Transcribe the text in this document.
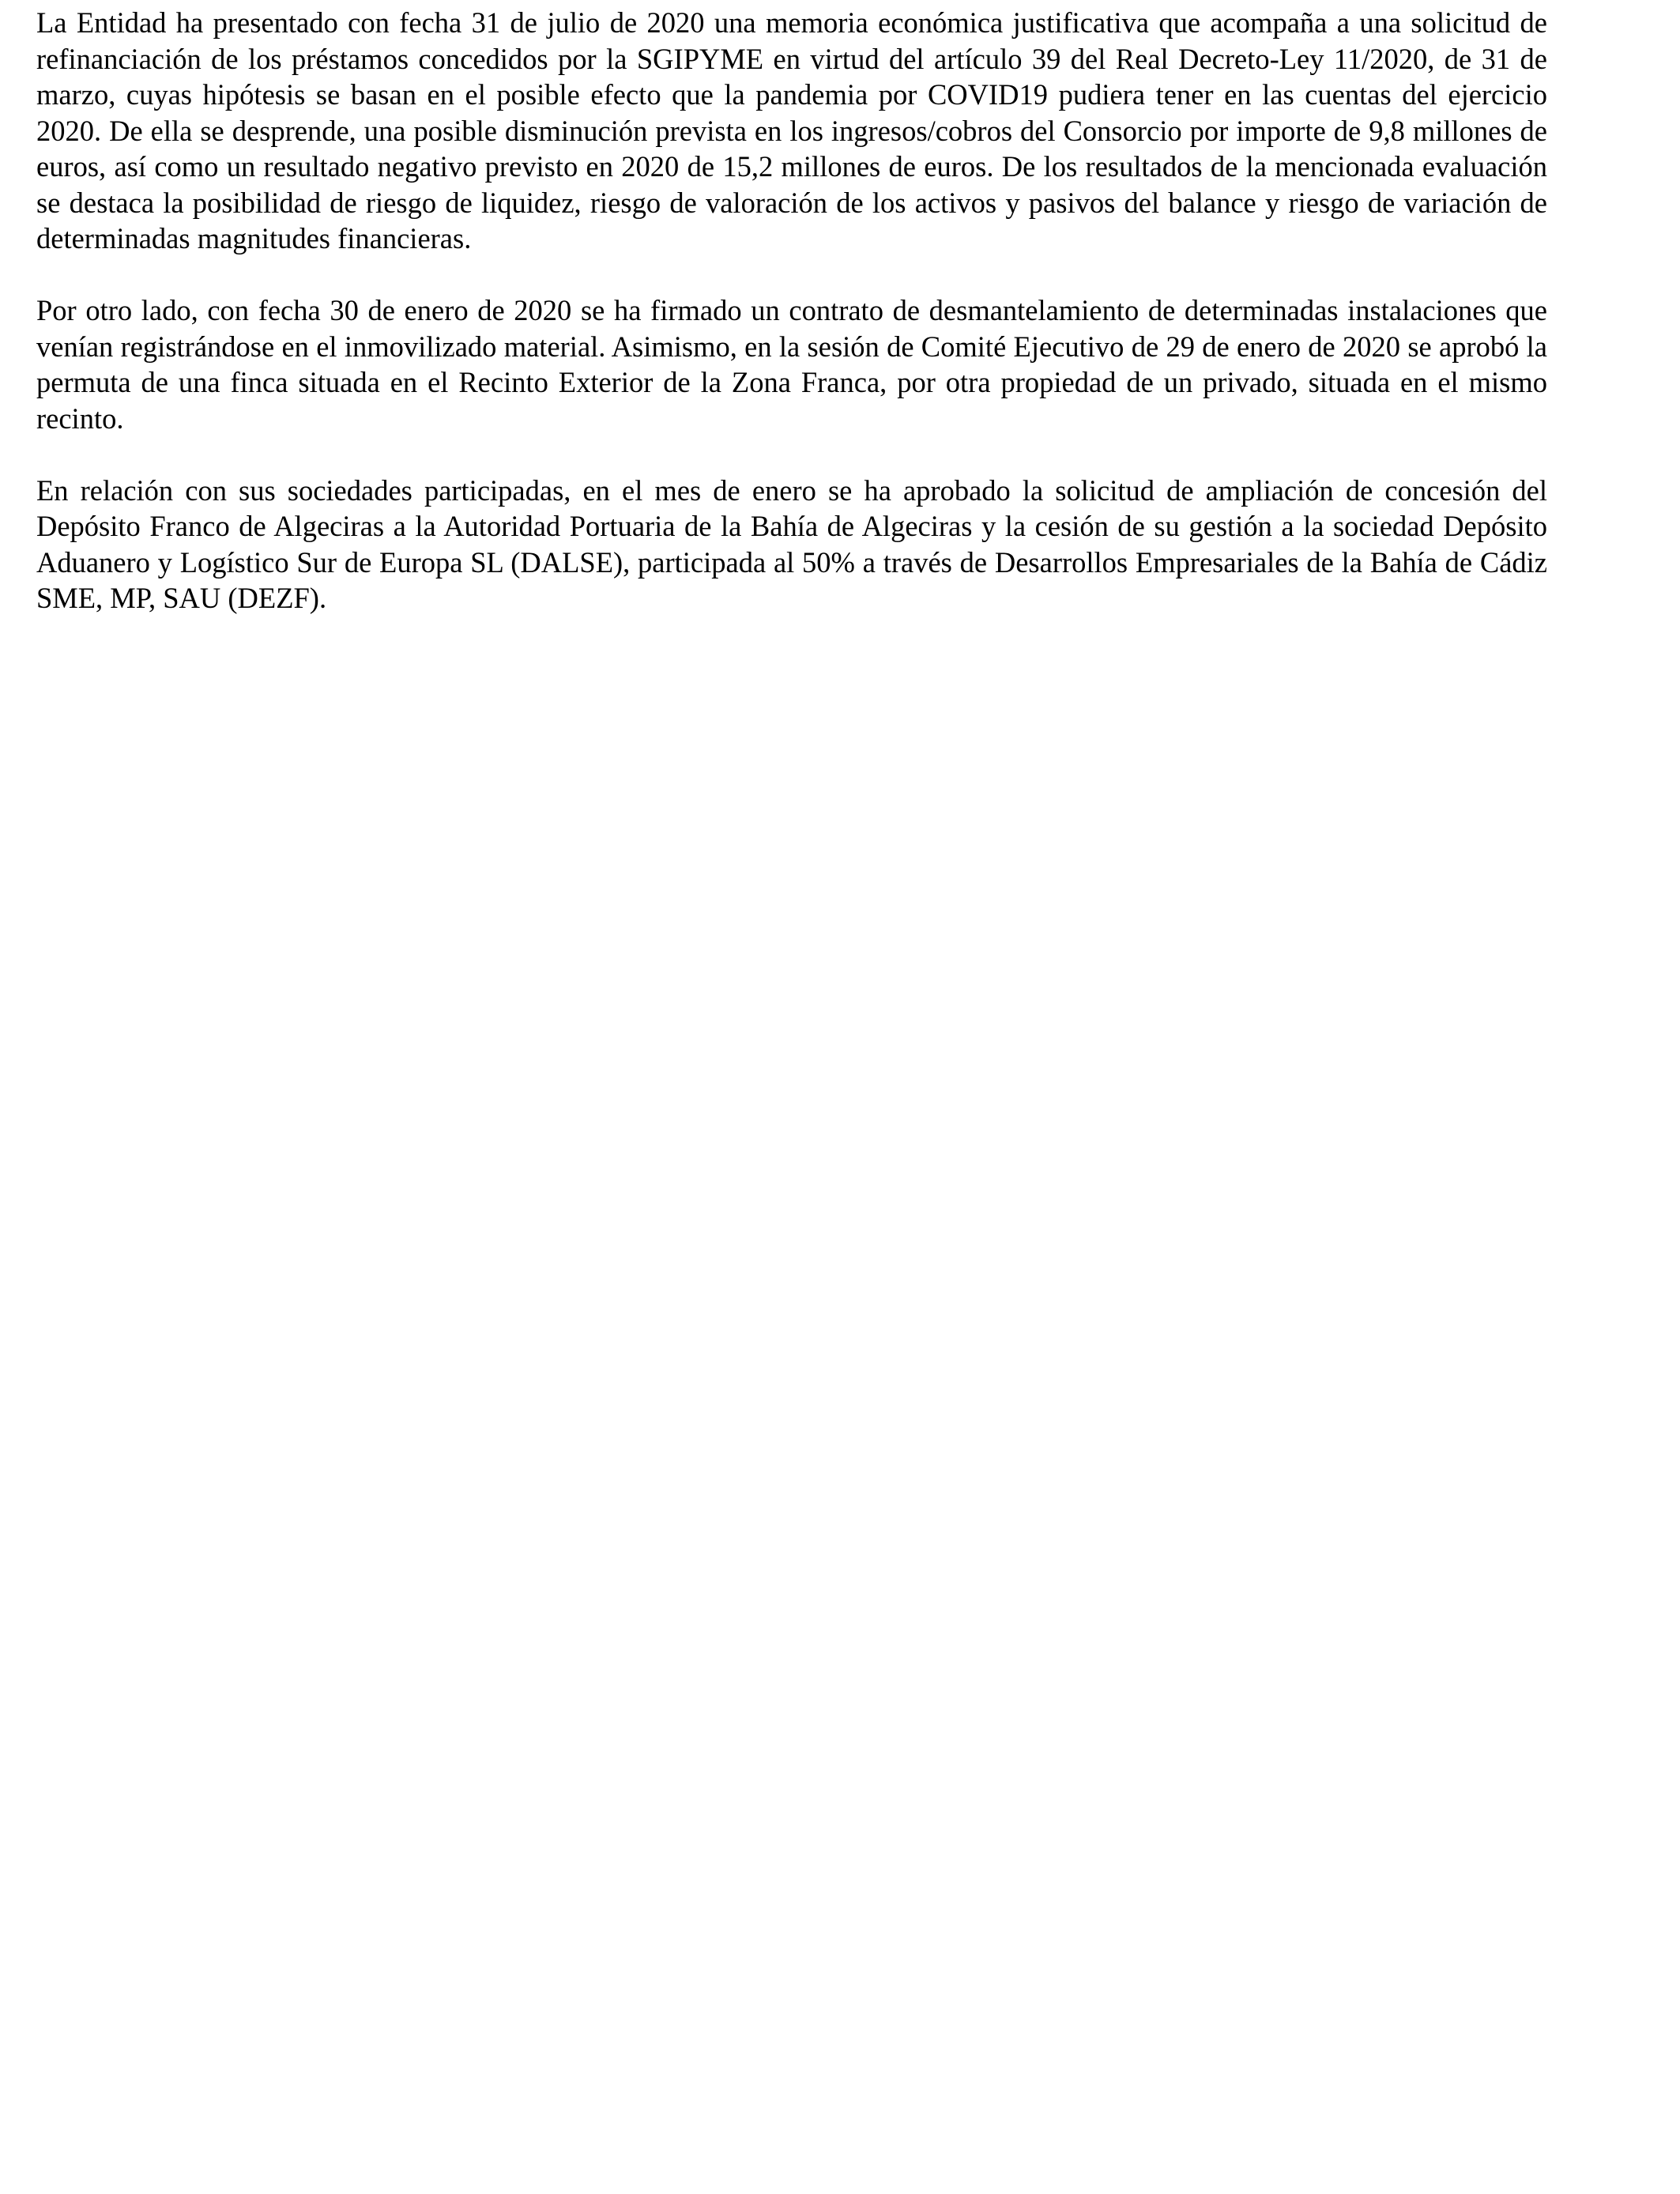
La Entidad ha presentado con fecha 31 de julio de 2020 una memoria económica justificativa que acompaña a una solicitud de refinanciación de los préstamos concedidos por la SGIPYME en virtud del artículo 39 del Real Decreto-Ley 11/2020, de 31 de marzo, cuyas hipótesis se basan en el posible efecto que la pandemia por COVID19 pudiera tener en las cuentas del ejercicio 2020. De ella se desprende, una posible disminución prevista en los ingresos/cobros del Consorcio por importe de 9,8 millones de euros, así como un resultado negativo previsto en 2020 de 15,2 millones de euros. De los resultados de la mencionada evaluación se destaca la posibilidad de riesgo de liquidez, riesgo de valoración de los activos y pasivos del balance y riesgo de variación de determinadas magnitudes financieras.

Por otro lado, con fecha 30 de enero de 2020 se ha firmado un contrato de desmantelamiento de determinadas instalaciones que venían registrándose en el inmovilizado material. Asimismo, en la sesión de Comité Ejecutivo de 29 de enero de 2020 se aprobó la permuta de una finca situada en el Recinto Exterior de la Zona Franca, por otra propiedad de un privado, situada en el mismo recinto.

En relación con sus sociedades participadas, en el mes de enero se ha aprobado la solicitud de ampliación de concesión del Depósito Franco de Algeciras a la Autoridad Portuaria de la Bahía de Algeciras y la cesión de su gestión a la sociedad Depósito Aduanero y Logístico Sur de Europa SL (DALSE), participada al 50% a través de Desarrollos Empresariales de la Bahía de Cádiz SME, MP, SAU (DEZF).
